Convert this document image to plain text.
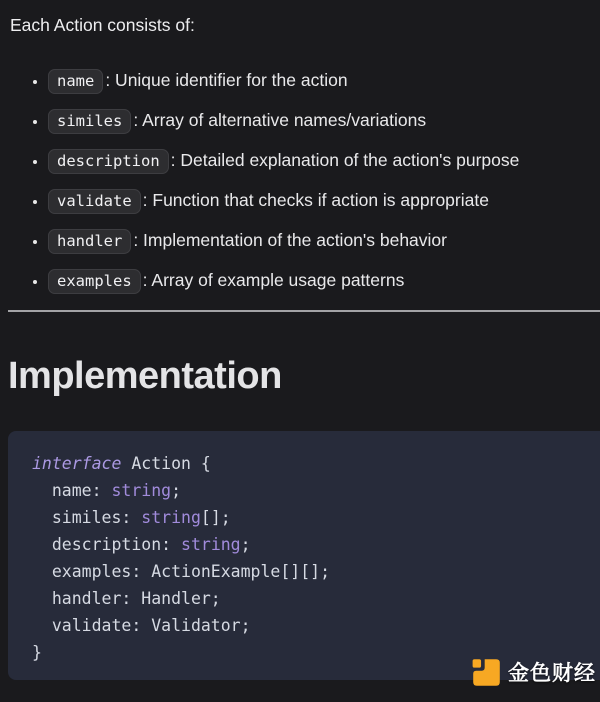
Each Action consists of:

• name : Unique identifier for the action
• similes : Array of alternative names/variations
• description : Detailed explanation of the action's purpose
• validate : Function that checks if action is appropriate
• handler : Implementation of the action's behavior
• examples : Array of example usage patterns
Implementation
interface Action {
name: string;
similes: string[];
description: string;
examples: ActionExample[][];
handler: Handler;
validate: Validator;
}
金色财经
